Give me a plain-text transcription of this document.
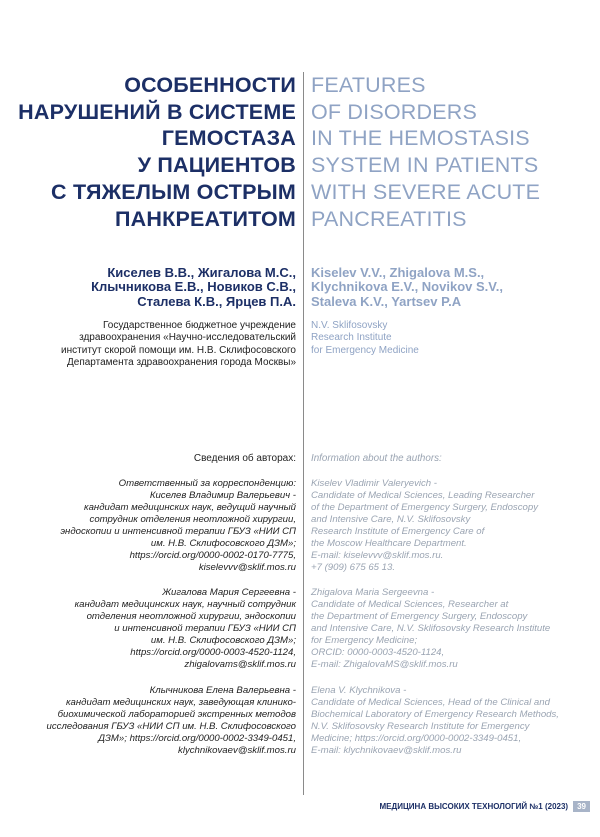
ОСОБЕННОСТИ
НАРУШЕНИЙ В СИСТЕМЕ
ГЕМОСТАЗА
У ПАЦИЕНТОВ
С ТЯЖЕЛЫМ ОСТРЫМ
ПАНКРЕАТИТОМ
FEATURES
OF DISORDERS
IN THE HEMOSTASIS
SYSTEM IN PATIENTS
WITH SEVERE ACUTE
PANCREATITIS
Киселев В.В., Жигалова М.С.,
Клычникова Е.В., Новиков С.В.,
Сталева К.В., Ярцев П.А.
Kiselev V.V., Zhigalova M.S.,
Klychnikova E.V., Novikov S.V.,
Staleva K.V., Yartsev P.A
Государственное бюджетное учреждение
здравоохранения «Научно-исследовательский
институт скорой помощи им. Н.В. Склифосовского
Департамента здравоохранения города Москвы»
N.V. Sklifosovsky
Research Institute
for Emergency Medicine
Сведения об авторах: Information about the authors:
Ответственный за корреспонденцию:
Киселев Владимир Валерьевич -
кандидат медицинских наук, ведущий научный
сотрудник отделения неотложной хирургии,
эндоскопии и интенсивной терапии ГБУЗ «НИИ СП
им. Н.В. Склифосовского ДЗМ»;
https://orcid.org/0000-0002-0170-7775,
kiselevvv@sklif.mos.ru
Kiselev Vladimir Valeryevich -
Candidate of Medical Sciences, Leading Researcher
of the Department of Emergency Surgery, Endoscopy
and Intensive Care, N.V. Sklifosovsky
Research Institute of Emergency Care of
the Moscow Healthcare Department.
E-mail: kiselevvv@sklif.mos.ru.
+7 (909) 675 65 13.
Жигалова Мария Сергеевна -
кандидат медицинских наук, научный сотрудник
отделения неотложной хирургии, эндоскопии
и интенсивной терапии ГБУЗ «НИИ СП
им. Н.В. Склифосовского ДЗМ»;
https://orcid.org/0000-0003-4520-1124,
zhigalovams@sklif.mos.ru
Zhigalova Maria Sergeevna -
Candidate of Medical Sciences, Researcher at
the Department of Emergency Surgery, Endoscopy
and Intensive Care, N.V. Sklifosovsky Research Institute
for Emergency Medicine;
ORCID: 0000-0003-4520-1124,
E-mail: ZhigalovaMS@sklif.mos.ru
Клычникова Елена Валерьевна -
кандидат медицинских наук, заведующая клинико-
биохимической лабораторией экстренных методов
исследования ГБУЗ «НИИ СП им. Н.В. Склифосовского
ДЗМ»; https://orcid.org/0000-0002-3349-0451,
klychnikovaev@sklif.mos.ru
Elena V. Klychnikova -
Candidate of Medical Sciences, Head of the Clinical and
Biochemical Laboratory of Emergency Research Methods,
N.V. Sklifosovsky Research Institute for Emergency
Medicine; https://orcid.org/0000-0002-3349-0451,
E-mail: klychnikovaev@sklif.mos.ru
МЕДИЦИНА ВЫСОКИХ ТЕХНОЛОГИЙ №1 (2023)	39
